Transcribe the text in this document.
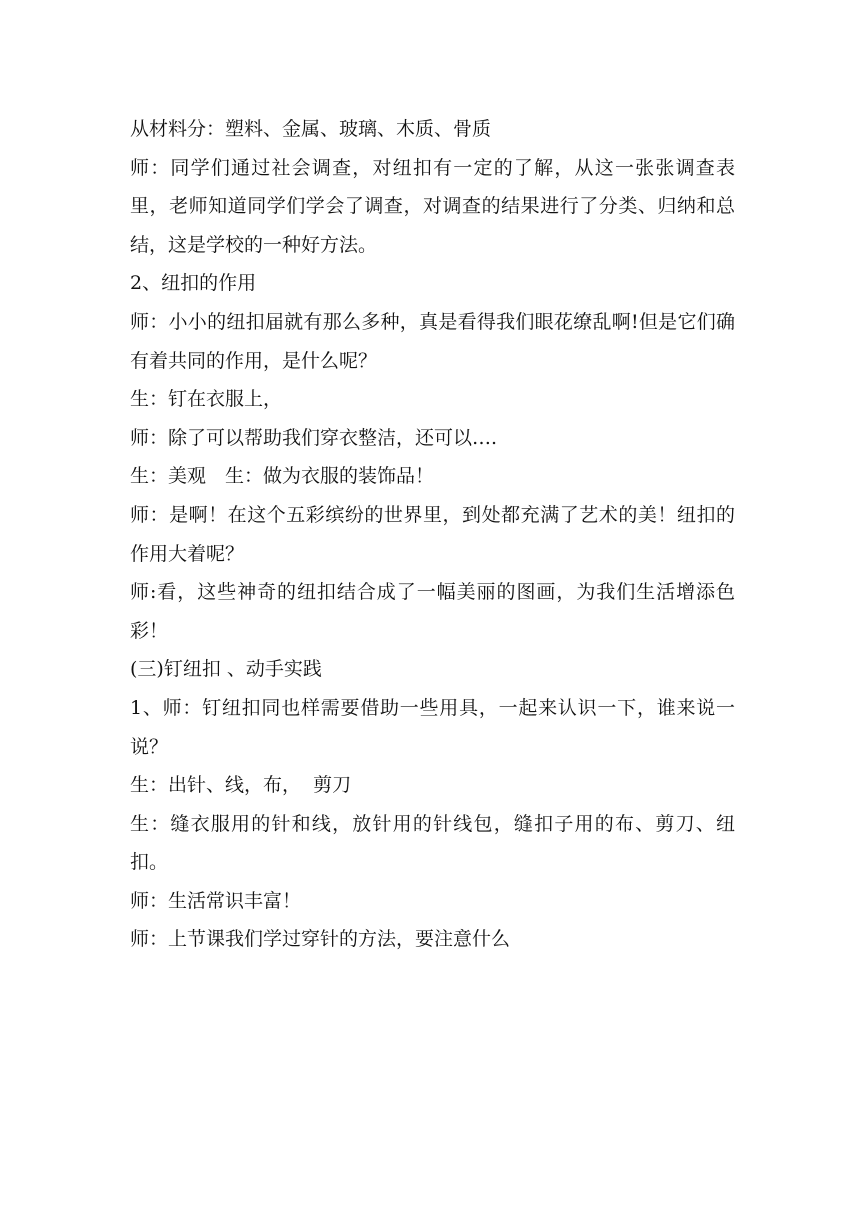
从材料分：塑料、金属、玻璃、木质、骨质

师：同学们通过社会调查，对纽扣有一定的了解，从这一张张调查表里，老师知道同学们学会了调查，对调查的结果进行了分类、归纳和总结，这是学校的一种好方法。

2、纽扣的作用

师：小小的纽扣届就有那么多种，真是看得我们眼花缭乱啊!但是它们确有着共同的作用，是什么呢？

生：钉在衣服上，

师：除了可以帮助我们穿衣整洁，还可以….

生：美观　生：做为衣服的装饰品！

师：是啊！在这个五彩缤纷的世界里，到处都充满了艺术的美！纽扣的作用大着呢？

师:看，这些神奇的纽扣结合成了一幅美丽的图画，为我们生活增添色彩！

(三)钉纽扣 、动手实践

1、师：钉纽扣同也样需要借助一些用具，一起来认识一下，谁来说一说？

生：出针、线，布，  剪刀

生：缝衣服用的针和线，放针用的针线包，缝扣子用的布、剪刀、纽扣。

师：生活常识丰富！

师：上节课我们学过穿针的方法，要注意什么
